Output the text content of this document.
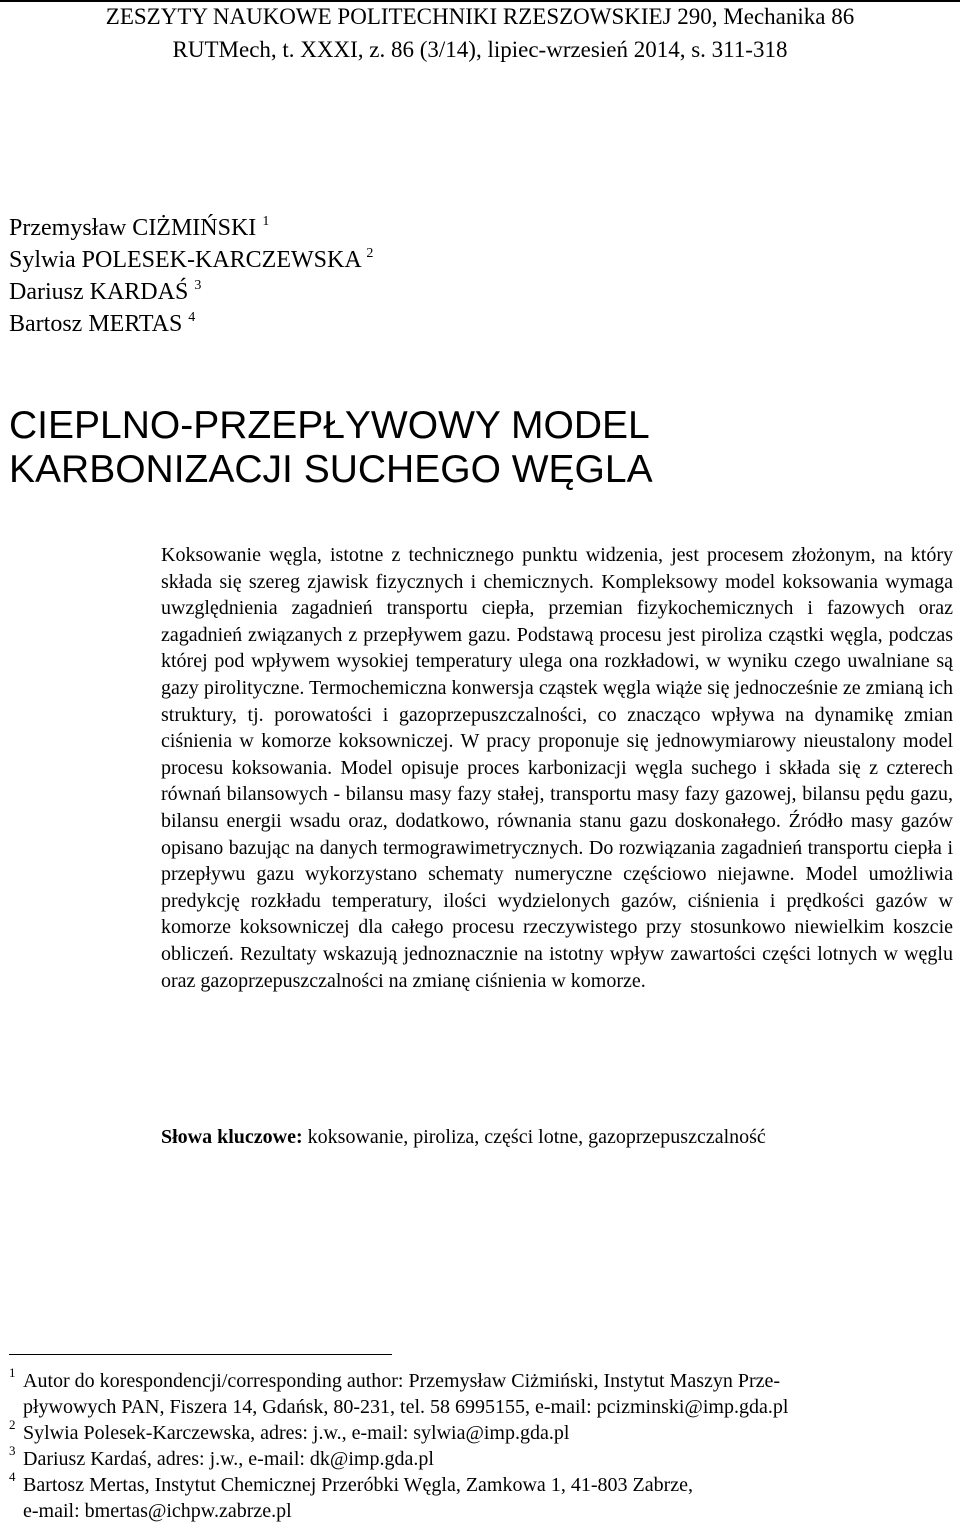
ZESZYTY NAUKOWE POLITECHNIKI RZESZOWSKIEJ 290, Mechanika 86
RUTMech, t. XXXI, z. 86 (3/14), lipiec-wrzesień 2014, s. 311-318
Przemysław CIŻMIŃSKI $^1$
Sylwia POLESEK-KARCZEWSKA $^2$
Dariusz KARDAŚ $^3$
Bartosz MERTAS $^4$
CIEPLNO-PRZEPŁYWOWY MODEL
KARBONIZACJI SUCHEGO WĘGLA
Koksowanie węgla, istotne z technicznego punktu widzenia, jest procesem złożonym, na który składa się szereg zjawisk fizycznych i chemicznych. Kompleksowy model koksowania wymaga uwzględnienia zagadnień transportu ciepła, przemian fizykochemicznych i fazowych oraz zagadnień związanych z przepływem gazu. Podstawą procesu jest piroliza cząstki węgla, podczas której pod wpływem wysokiej temperatury ulega ona rozkładowi, w wyniku czego uwalniane są gazy pirolityczne. Termochemiczna konwersja cząstek węgla wiąże się jednocześnie ze zmianą ich struktury, tj. porowatości i gazoprzepuszczalności, co znacząco wpływa na dynamikę zmian ciśnienia w komorze koksowniczej. W pracy proponuje się jednowymiarowy nieustalony model procesu koksowania. Model opisuje proces karbonizacji węgla suchego i składa się z czterech równań bilansowych - bilansu masy fazy stałej, transportu masy fazy gazowej, bilansu pędu gazu, bilansu energii wsadu oraz, dodatkowo, równania stanu gazu doskonałego. Źródło masy gazów opisano bazując na danych termograwimetrycznych. Do rozwiązania zagadnień transportu ciepła i przepływu gazu wykorzystano schematy numeryczne częściowo niejawne. Model umożliwia predykcję rozkładu temperatury, ilości wydzielonych gazów, ciśnienia i prędkości gazów w komorze koksowniczej dla całego procesu rzeczywistego przy stosunkowo niewielkim koszcie obliczeń. Rezultaty wskazują jednoznacznie na istotny wpływ zawartości części lotnych w węglu oraz gazoprzepuszczalności na zmianę ciśnienia w komorze.
Słowa kluczowe: koksowanie, piroliza, części lotne, gazoprzepuszczalność
1 Autor do korespondencji/corresponding author: Przemysław Ciżmiński, Instytut Maszyn Prze-
pływowych PAN, Fiszera 14, Gdańsk, 80-231, tel. 58 6995155, e-mail: pcizminski@imp.gda.pl
2 Sylwia Polesek-Karczewska, adres: j.w., e-mail: sylwia@imp.gda.pl
3 Dariusz Kardaś, adres: j.w., e-mail: dk@imp.gda.pl
4 Bartosz Mertas, Instytut Chemicznej Przeróbki Węgla, Zamkowa 1, 41-803 Zabrze,
e-mail: bmertas@ichpw.zabrze.pl
